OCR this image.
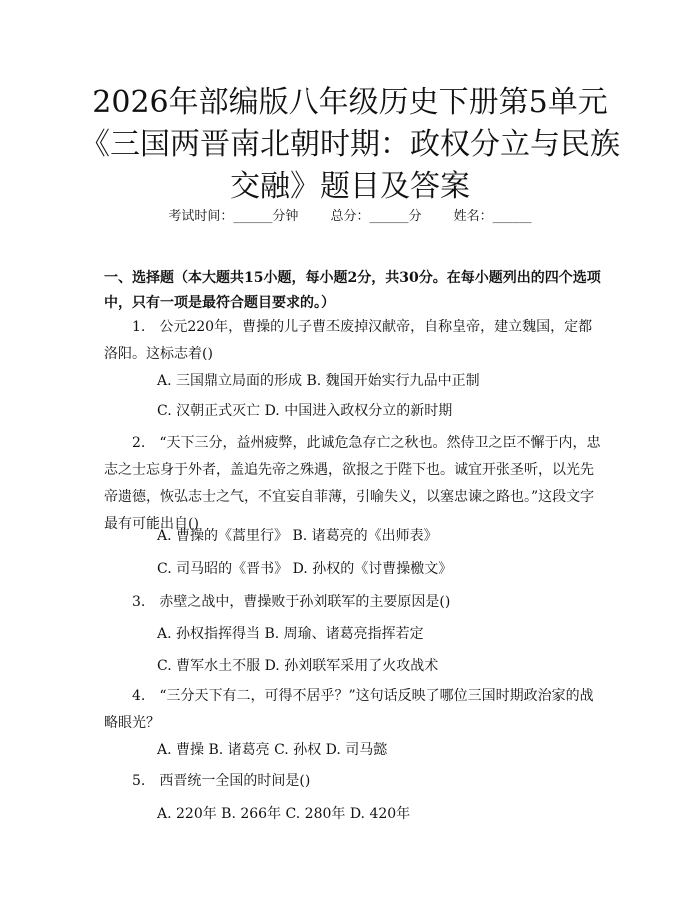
2026年部编版八年级历史下册第5单元《三国两晋南北朝时期：政权分立与民族交融》题目及答案
考试时间：______分钟 总分：______分 姓名：______
一、选择题（本大题共15小题，每小题2分，共30分。在每小题列出的四个选项中，只有一项是最符合题目要求的。）
1.　公元220年，曹操的儿子曹丕废掉汉献帝，自称皇帝，建立魏国，定都洛阳。这标志着()
A. 三国鼎立局面的形成 B. 魏国开始实行九品中正制
C. 汉朝正式灭亡 D. 中国进入政权分立的新时期
2.　“天下三分，益州疲弊，此诚危急存亡之秋也。然侍卫之臣不懈于内，忠志之士忘身于外者，盖追先帝之殊遇，欲报之于陛下也。诚宜开张圣听，以光先帝遗德，恢弘志士之气，不宜妄自菲薄，引喻失义，以塞忠谏之路也。”这段文字最有可能出自()
A. 曹操的《蒿里行》 B. 诸葛亮的《出师表》
C. 司马昭的《晋书》 D. 孙权的《讨曹操檄文》
3.　赤壁之战中，曹操败于孙刘联军的主要原因是()
A. 孙权指挥得当 B. 周瑜、诸葛亮指挥若定
C. 曹军水土不服 D. 孙刘联军采用了火攻战术
4.　“三分天下有二，可得不居乎？”这句话反映了哪位三国时期政治家的战略眼光？
A. 曹操 B. 诸葛亮 C. 孙权 D. 司马懿
5.　西晋统一全国的时间是()
A. 220年 B. 266年 C. 280年 D. 420年
